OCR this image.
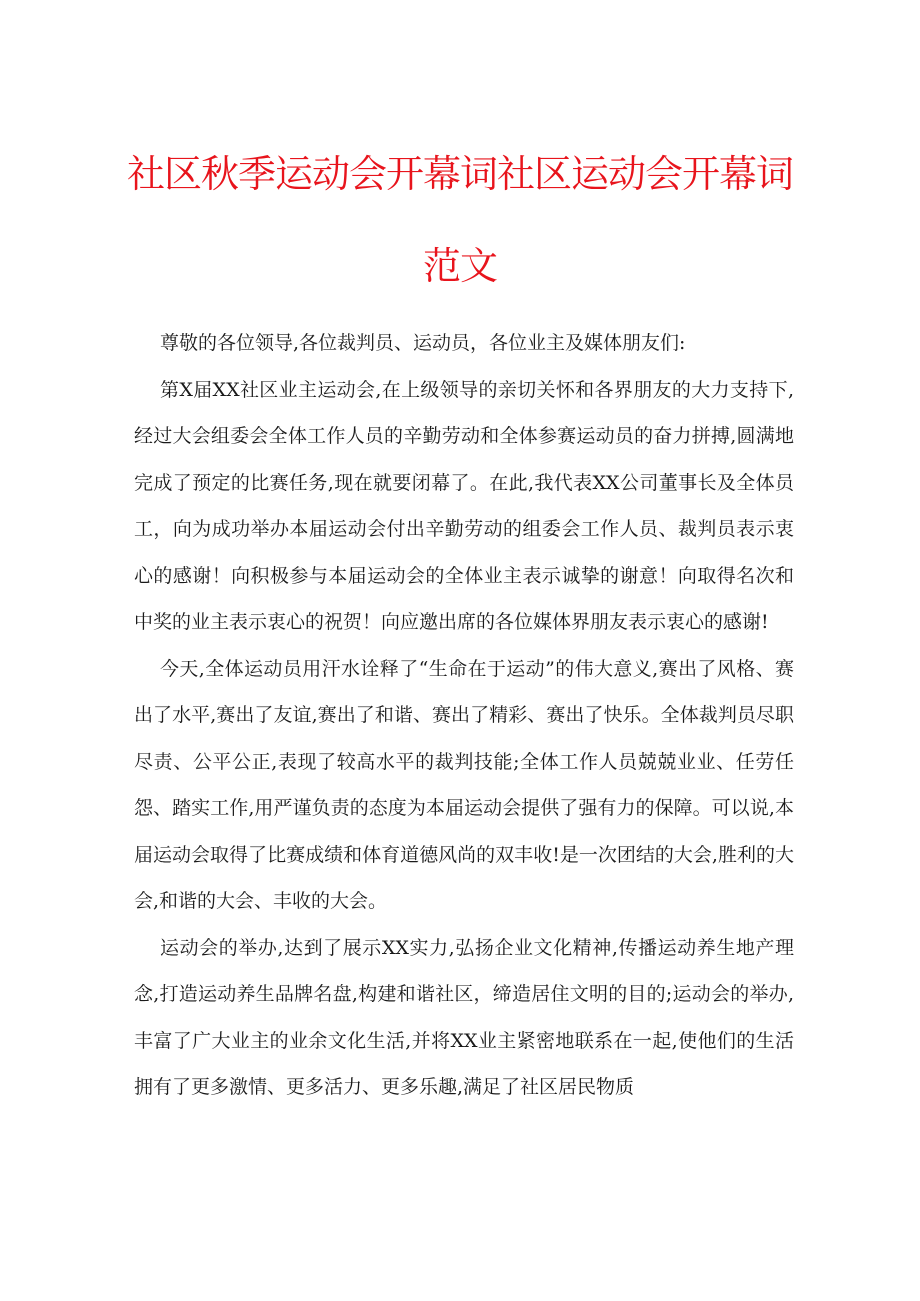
社区秋季运动会开幕词社区运动会开幕词范文

尊敬的各位领导,各位裁判员、运动员，各位业主及媒体朋友们:

第X届XX社区业主运动会,在上级领导的亲切关怀和各界朋友的大力支持下,经过大会组委会全体工作人员的辛勤劳动和全体参赛运动员的奋力拼搏,圆满地完成了预定的比赛任务,现在就要闭幕了。在此,我代表XX公司董事长及全体员工，向为成功举办本届运动会付出辛勤劳动的组委会工作人员、裁判员表示衷心的感谢！向积极参与本届运动会的全体业主表示诚挚的谢意！向取得名次和中奖的业主表示衷心的祝贺！向应邀出席的各位媒体界朋友表示衷心的感谢!

今天,全体运动员用汗水诠释了“生命在于运动”的伟大意义,赛出了风格、赛出了水平,赛出了友谊,赛出了和谐、赛出了精彩、赛出了快乐。全体裁判员尽职尽责、公平公正,表现了较高水平的裁判技能;全体工作人员兢兢业业、任劳任怨、踏实工作,用严谨负责的态度为本届运动会提供了强有力的保障。可以说,本届运动会取得了比赛成绩和体育道德风尚的双丰收!是一次团结的大会,胜利的大会,和谐的大会、丰收的大会。

运动会的举办,达到了展示XX实力,弘扬企业文化精神,传播运动养生地产理念,打造运动养生品牌名盘,构建和谐社区，缔造居住文明的目的;运动会的举办,丰富了广大业主的业余文化生活,并将XX业主紧密地联系在一起,使他们的生活拥有了更多激情、更多活力、更多乐趣,满足了社区居民物质
